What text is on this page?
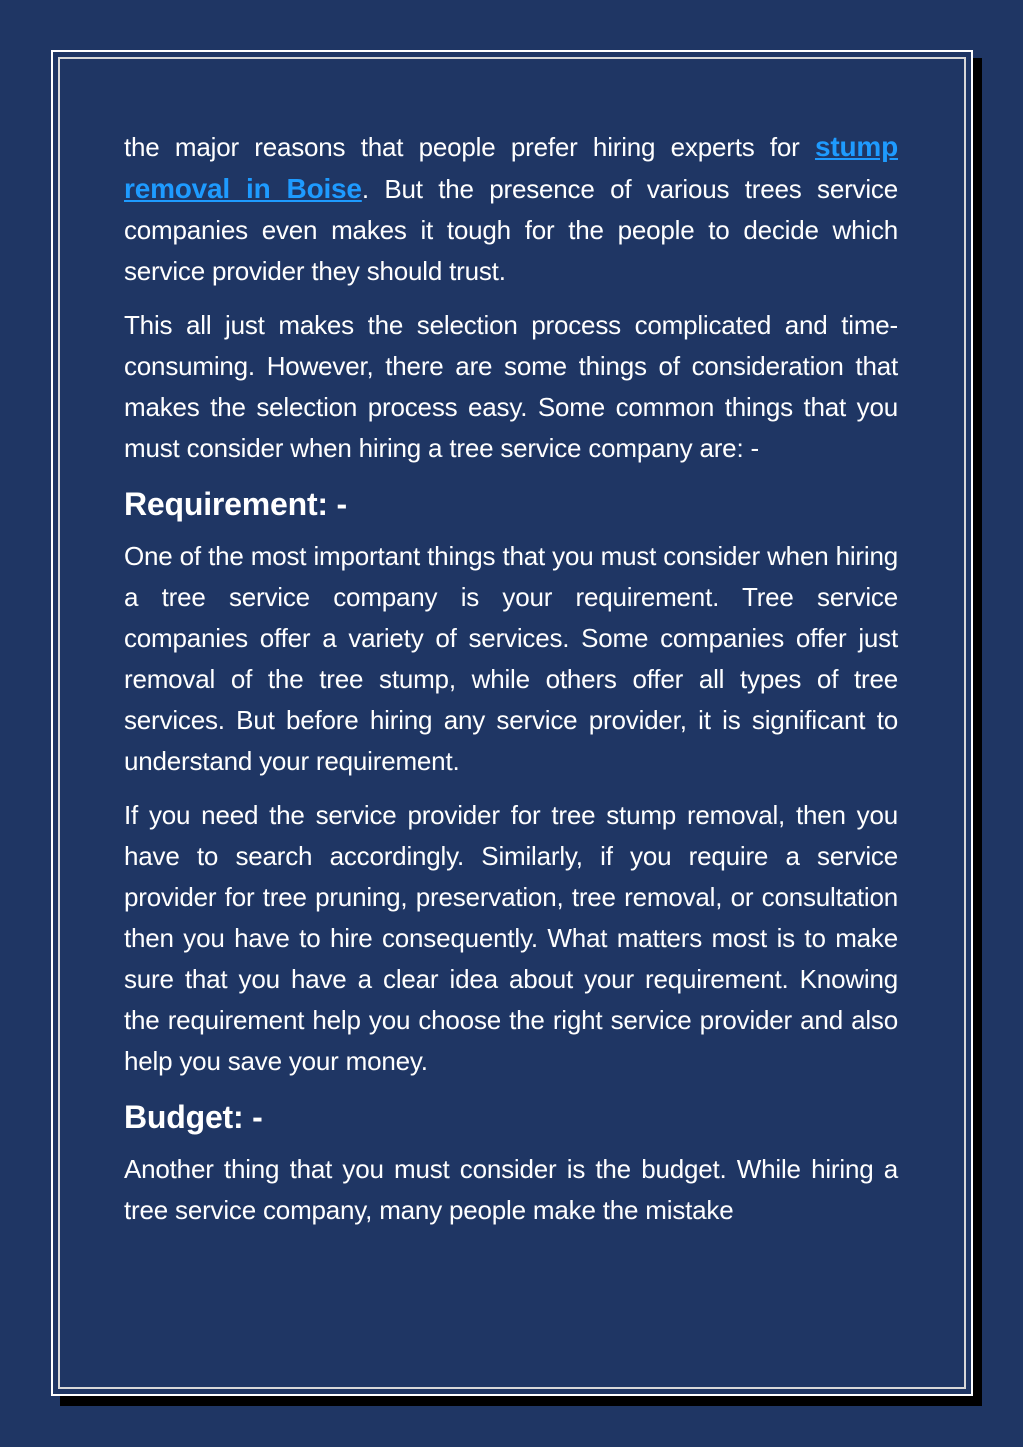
the major reasons that people prefer hiring experts for stump removal in Boise. But the presence of various trees service companies even makes it tough for the people to decide which service provider they should trust.

This all just makes the selection process complicated and time-consuming. However, there are some things of consideration that makes the selection process easy. Some common things that you must consider when hiring a tree service company are: -

Requirement: -

One of the most important things that you must consider when hiring a tree service company is your requirement. Tree service companies offer a variety of services. Some companies offer just removal of the tree stump, while others offer all types of tree services. But before hiring any service provider, it is significant to understand your requirement.

If you need the service provider for tree stump removal, then you have to search accordingly. Similarly, if you require a service provider for tree pruning, preservation, tree removal, or consultation then you have to hire consequently. What matters most is to make sure that you have a clear idea about your requirement. Knowing the requirement help you choose the right service provider and also help you save your money.

Budget: -

Another thing that you must consider is the budget. While hiring a tree service company, many people make the mistake
